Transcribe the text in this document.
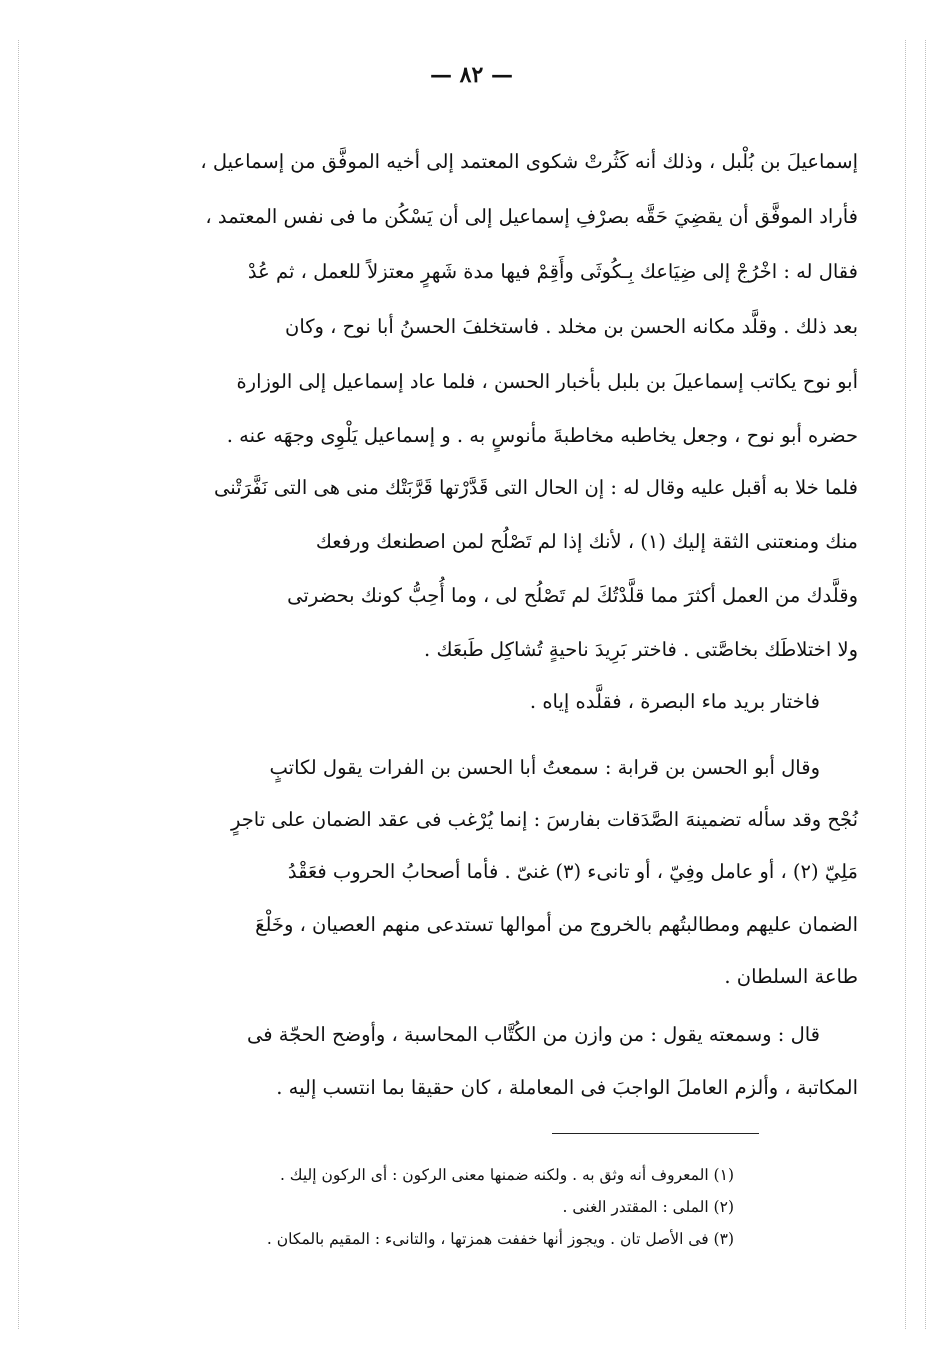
— ٨٢ —
إسماعيلَ بن بُلْبل ، وذلك أنه كَثُرتْ شكوى المعتمد إلى أخيه الموفَّق من إسماعيل ،
فأراد الموفَّق أن يقضِيَ حَقَّه بصرْفِ إسماعيل إلى أن يَسْكُن ما فى نفس المعتمد ،
فقال له : اخْرُجْ إلى ضِيَاعك بِـكُوثَى وأَقِمْ فيها مدة شَهرٍ معتزلاً للعمل ، ثم عُدْ
بعد ذلك . وقلَّد مكانه الحسن بن مخلد . فاستخلفَ الحسنُ أبا نوح ، وكان
أبو نوح يكاتب إسماعيلَ بن بلبل بأخبار الحسن ، فلما عاد إسماعيل إلى الوزارة
حضره أبو نوح ، وجعل يخاطبه مخاطبةَ مأنوسٍ به . و إسماعيل يَلْوِى وجهَه عنه .
فلما خلا به أقبل عليه وقال له : إن الحال التى قَدَّرْتها قَرَّبَتْك منى هى التى نَفَّرَتْنى
منك ومنعتنى الثقة إليك (١) ، لأنك إذا لم تَصْلُح لمن اصطنعك ورفعك
وقلَّدك من العمل أكثرَ مما قلَّدْتُكَ لم تَصْلُح لى ، وما أُحِبُّ كونك بحضرتى
ولا اختلاطَك بخاصَّتى . فاختر بَرِيدَ ناحيةٍ تُشاكِل طَبعَك .
فاختار بريد ماء البصرة ، فقلَّده إياه .
وقال أبو الحسن بن قرابة : سمعتُ أبا الحسن بن الفرات يقول لكاتبٍ
نُجْح وقد سأله تضمينهَ الصَّدَقات بفارسَ : إنما يُرْغب فى عقد الضمان على تاجرٍ
مَلِيّ (٢) ، أو عامل وفِيّ ، أو تانىء (٣) غنىّ . فأما أصحابُ الحروب فعَقْدُ
الضمان عليهم ومطالبتُهم بالخروج من أموالها تستدعى منهم العصيان ، وخَلْعَ
طاعة السلطان .
قال : وسمعته يقول : من وازن من الكُتَّاب المحاسبة ، وأوضح الحجّة فى
المكاتبة ، وألزم العاملَ الواجبَ فى المعاملة ، كان حقيقا بما انتسب إليه .
(١) المعروف أنه وثق به . ولكنه ضمنها معنى الركون : أى الركون إليك .
(٢) الملى : المقتدر الغنى .
(٣) فى الأصل تان . ويجوز أنها خففت همزتها ، والتانىء : المقيم بالمكان .
